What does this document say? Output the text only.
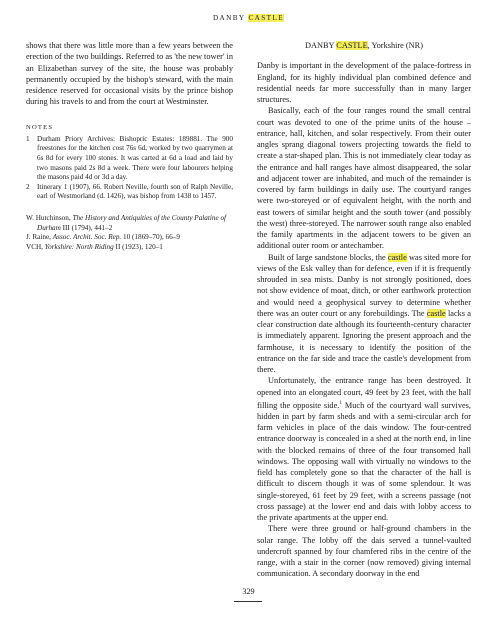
DANBY CASTLE

shows that there was little more than a few years between the erection of the two buildings. Referred to as 'the new tower' in an Elizabethan survey of the site, the house was probably permanently occupied by the bishop's steward, with the main residence reserved for occasional visits by the prince bishop during his travels to and from the court at Westminster.

NOTES
1 Durham Priory Archives: Bishopric Estates: 189881. The 900 freestones for the kitchen cost 76s 6d, worked by two quarrymen at 6s 8d for every 100 stones. It was carted at 6d a load and laid by two masons paid 2s 8d a week. There were four labourers helping the masons paid 4d or 3d a day.
2 Itinerary 1 (1907), 66. Robert Neville, fourth son of Ralph Neville, earl of Westmorland (d. 1426), was bishop from 1438 to 1457.
W. Hutchinson, The History and Antiquities of the County Palatine of Durham III (1794), 441–2
J. Raine, Assoc. Archit. Soc. Rep. 10 (1869–70), 66–9
VCH, Yorkshire: North Riding II (1923), 120–1

DANBY CASTLE, Yorkshire (NR)

Danby is important in the development of the palace-fortress in England, for its highly individual plan combined defence and residential needs far more successfully than in many larger structures.

Basically, each of the four ranges round the small central court was devoted to one of the prime units of the house – entrance, hall, kitchen, and solar respectively. From their outer angles sprang diagonal towers projecting towards the field to create a star-shaped plan. This is not immediately clear today as the entrance and hall ranges have almost disappeared, the solar and adjacent tower are inhabited, and much of the remainder is covered by farm buildings in daily use. The courtyard ranges were two-storeyed or of equivalent height, with the north and east towers of similar height and the south tower (and possibly the west) three-storeyed. The narrower south range also enabled the family apartments in the adjacent towers to be given an additional outer room or antechamber.

Built of large sandstone blocks, the castle was sited more for views of the Esk valley than for defence, even if it is frequently shrouded in sea mists. Danby is not strongly positioned, does not show evidence of moat, ditch, or other earthwork protection and would need a geophysical survey to determine whether there was an outer court or any forebuildings. The castle lacks a clear construction date although its fourteenth-century character is immediately apparent. Ignoring the present approach and the farmhouse, it is necessary to identify the position of the entrance on the far side and trace the castle's development from there.

Unfortunately, the entrance range has been destroyed. It opened into an elongated court, 49 feet by 23 feet, with the hall filling the opposite side.$^1$ Much of the courtyard wall survives, hidden in part by farm sheds and with a semi-circular arch for farm vehicles in place of the dais window. The four-centred entrance doorway is concealed in a shed at the north end, in line with the blocked remains of three of the four transomed hall windows. The opposing wall with virtually no windows to the field has completely gone so that the character of the hall is difficult to discern though it was of some splendour. It was single-storeyed, 61 feet by 29 feet, with a screens passage (not cross passage) at the lower end and dais with lobby access to the private apartments at the upper end.

There were three ground or half-ground chambers in the solar range. The lobby off the dais served a tunnel-vaulted undercroft spanned by four chamfered ribs in the centre of the range, with a stair in the corner (now removed) giving internal communication. A secondary doorway in the end

329
